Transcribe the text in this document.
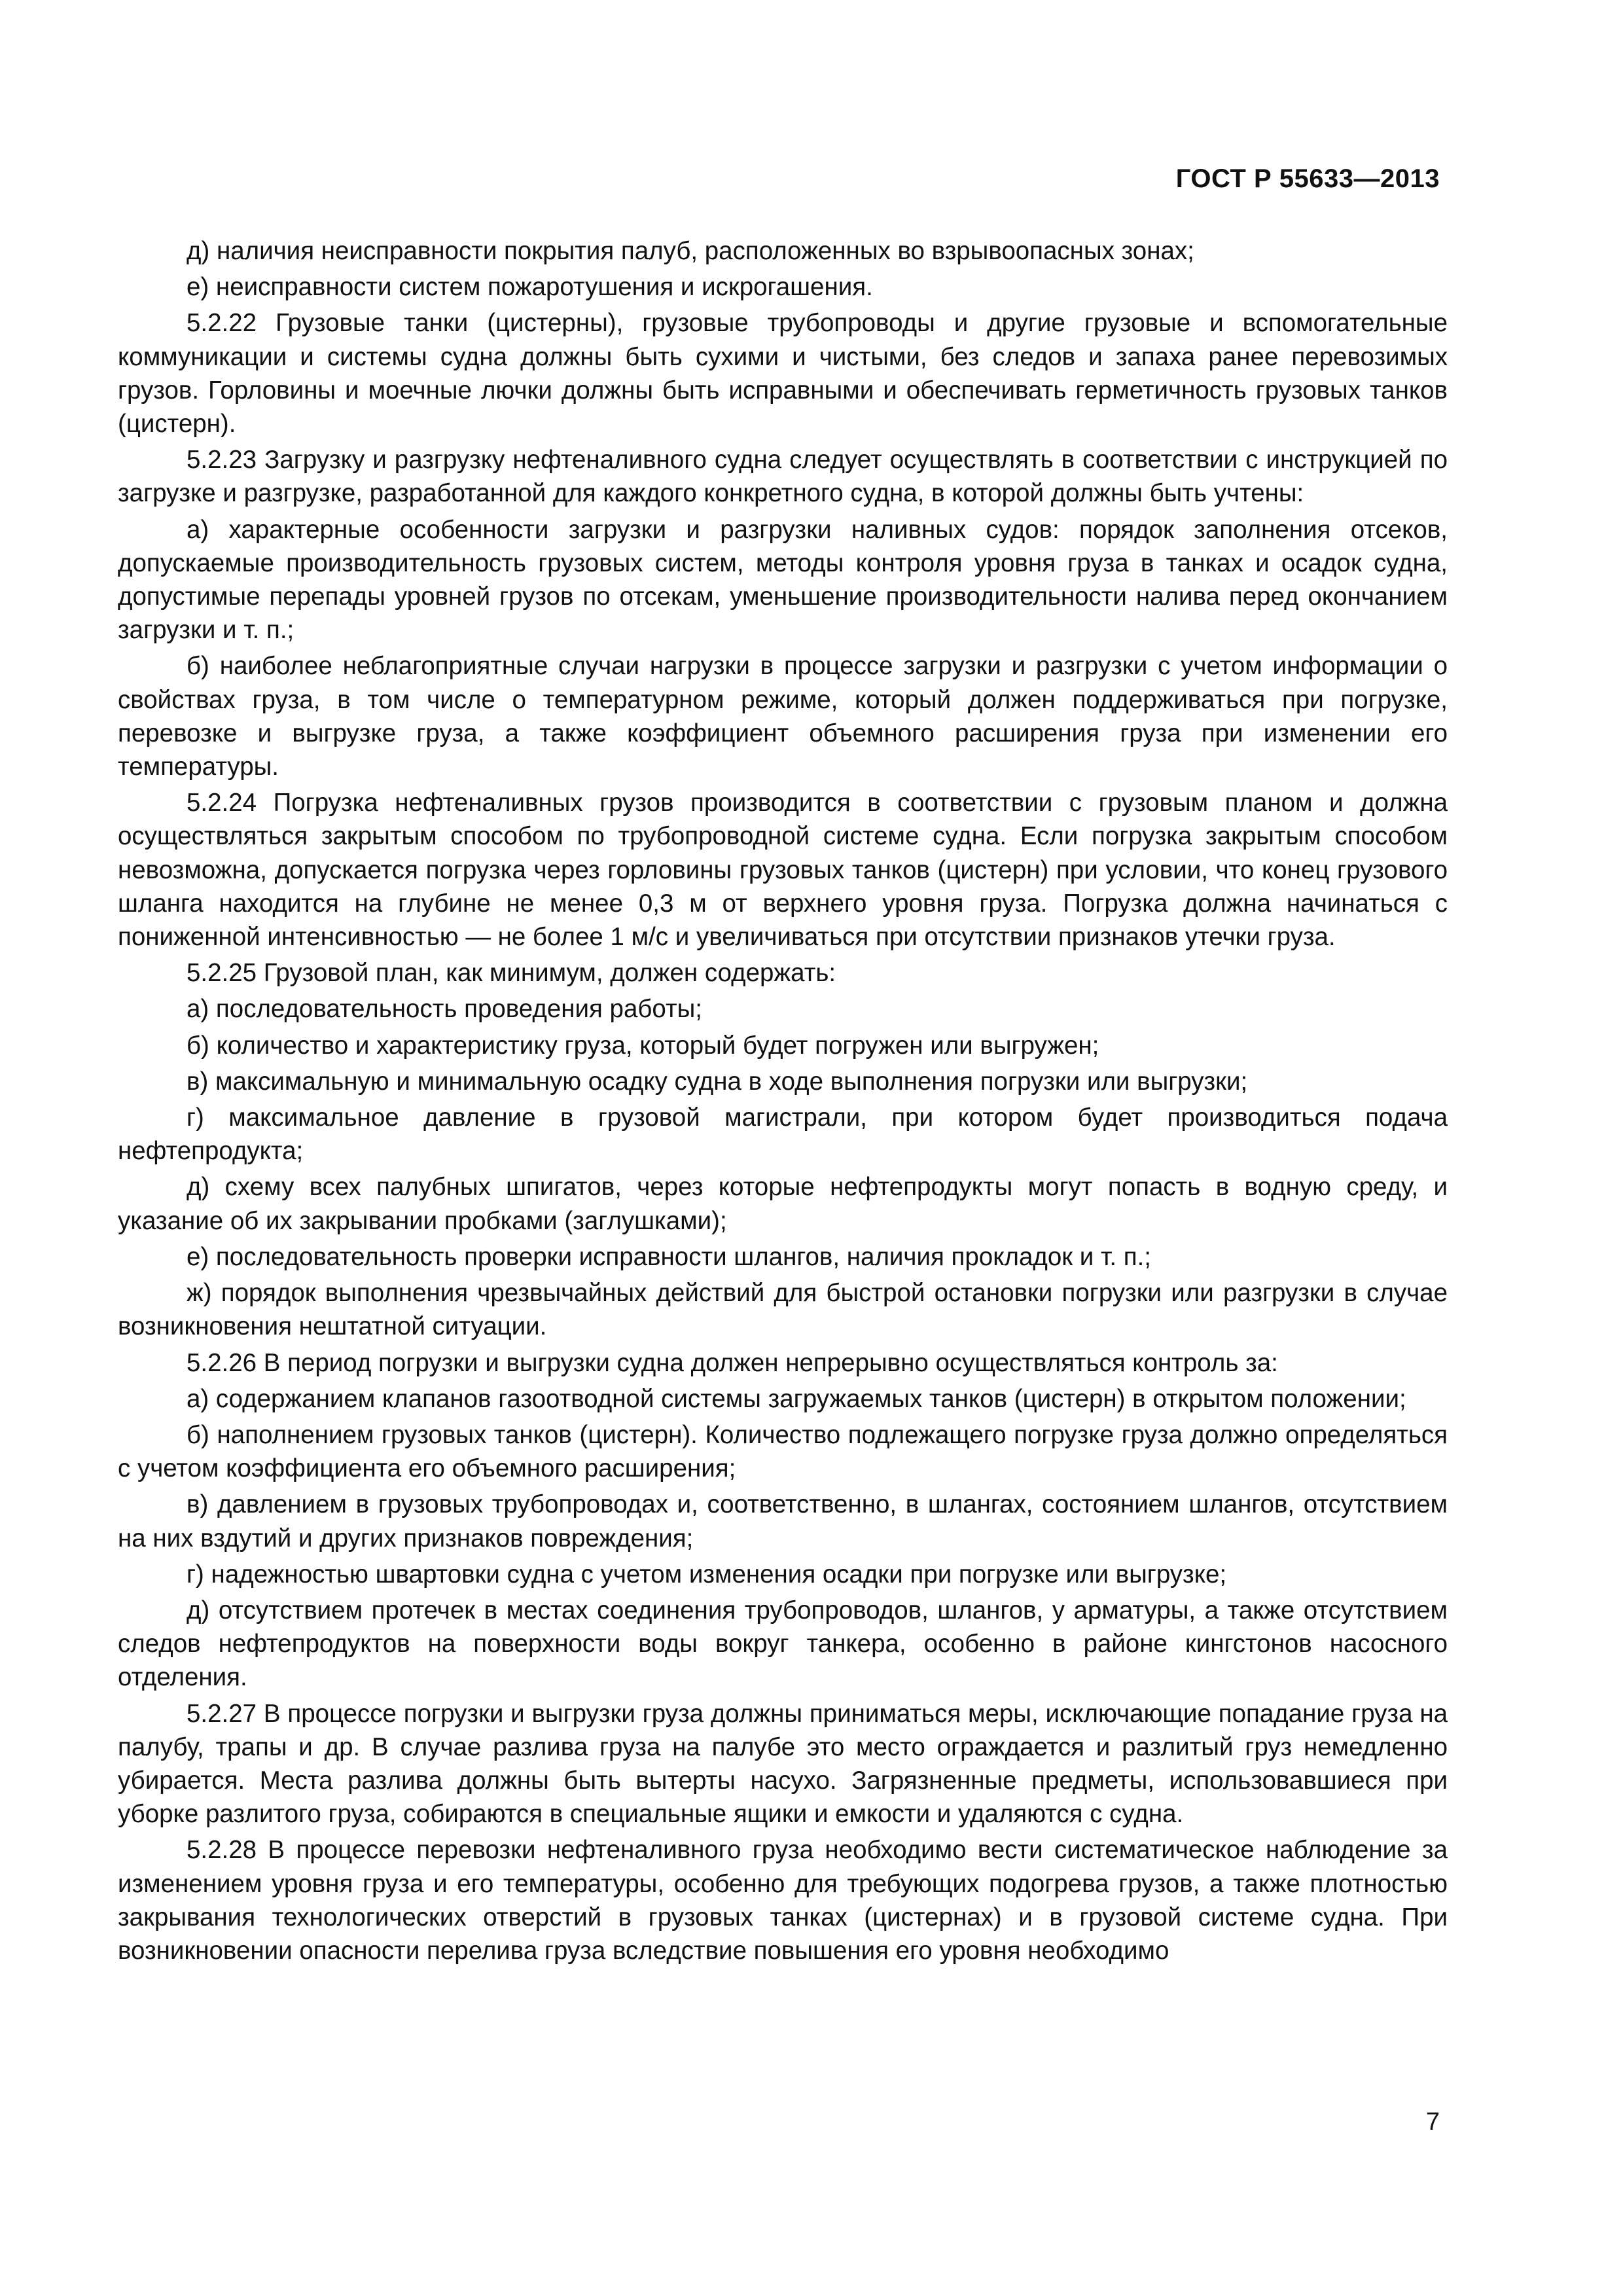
ГОСТ Р 55633—2013

д) наличия неисправности покрытия палуб, расположенных во взрывоопасных зонах;

е) неисправности систем пожаротушения и искрогашения.

5.2.22 Грузовые танки (цистерны), грузовые трубопроводы и другие грузовые и вспомогательные коммуникации и системы судна должны быть сухими и чистыми, без следов и запаха ранее перевозимых грузов. Горловины и моечные лючки должны быть исправными и обеспечивать герметичность грузовых танков (цистерн).

5.2.23 Загрузку и разгрузку нефтеналивного судна следует осуществлять в соответствии с инструкцией по загрузке и разгрузке, разработанной для каждого конкретного судна, в которой должны быть учтены:

а) характерные особенности загрузки и разгрузки наливных судов: порядок заполнения отсеков, допускаемые производительность грузовых систем, методы контроля уровня груза в танках и осадок судна, допустимые перепады уровней грузов по отсекам, уменьшение производительности налива перед окончанием загрузки и т. п.;

б) наиболее неблагоприятные случаи нагрузки в процессе загрузки и разгрузки с учетом информации о свойствах груза, в том числе о температурном режиме, который должен поддерживаться при погрузке, перевозке и выгрузке груза, а также коэффициент объемного расширения груза при изменении его температуры.

5.2.24 Погрузка нефтеналивных грузов производится в соответствии с грузовым планом и должна осуществляться закрытым способом по трубопроводной системе судна. Если погрузка закрытым способом невозможна, допускается погрузка через горловины грузовых танков (цистерн) при условии, что конец грузового шланга находится на глубине не менее 0,3 м от верхнего уровня груза. Погрузка должна начинаться с пониженной интенсивностью — не более 1 м/с и увеличиваться при отсутствии признаков утечки груза.

5.2.25 Грузовой план, как минимум, должен содержать:

а) последовательность проведения работы;

б) количество и характеристику груза, который будет погружен или выгружен;

в) максимальную и минимальную осадку судна в ходе выполнения погрузки или выгрузки;

г) максимальное давление в грузовой магистрали, при котором будет производиться подача нефтепродукта;

д) схему всех палубных шпигатов, через которые нефтепродукты могут попасть в водную среду, и указание об их закрывании пробками (заглушками);

е) последовательность проверки исправности шлангов, наличия прокладок и т. п.;

ж) порядок выполнения чрезвычайных действий для быстрой остановки погрузки или разгрузки в случае возникновения нештатной ситуации.

5.2.26 В период погрузки и выгрузки судна должен непрерывно осуществляться контроль за:

а) содержанием клапанов газоотводной системы загружаемых танков (цистерн) в открытом положении;

б) наполнением грузовых танков (цистерн). Количество подлежащего погрузке груза должно определяться с учетом коэффициента его объемного расширения;

в) давлением в грузовых трубопроводах и, соответственно, в шлангах, состоянием шлангов, отсутствием на них вздутий и других признаков повреждения;

г) надежностью швартовки судна с учетом изменения осадки при погрузке или выгрузке;

д) отсутствием протечек в местах соединения трубопроводов, шлангов, у арматуры, а также отсутствием следов нефтепродуктов на поверхности воды вокруг танкера, особенно в районе кингстонов насосного отделения.

5.2.27 В процессе погрузки и выгрузки груза должны приниматься меры, исключающие попадание груза на палубу, трапы и др. В случае разлива груза на палубе это место ограждается и разлитый груз немедленно убирается. Места разлива должны быть вытерты насухо. Загрязненные предметы, использовавшиеся при уборке разлитого груза, собираются в специальные ящики и емкости и удаляются с судна.

5.2.28 В процессе перевозки нефтеналивного груза необходимо вести систематическое наблюдение за изменением уровня груза и его температуры, особенно для требующих подогрева грузов, а также плотностью закрывания технологических отверстий в грузовых танках (цистернах) и в грузовой системе судна. При возникновении опасности перелива груза вследствие повышения его уровня необходимо

7
